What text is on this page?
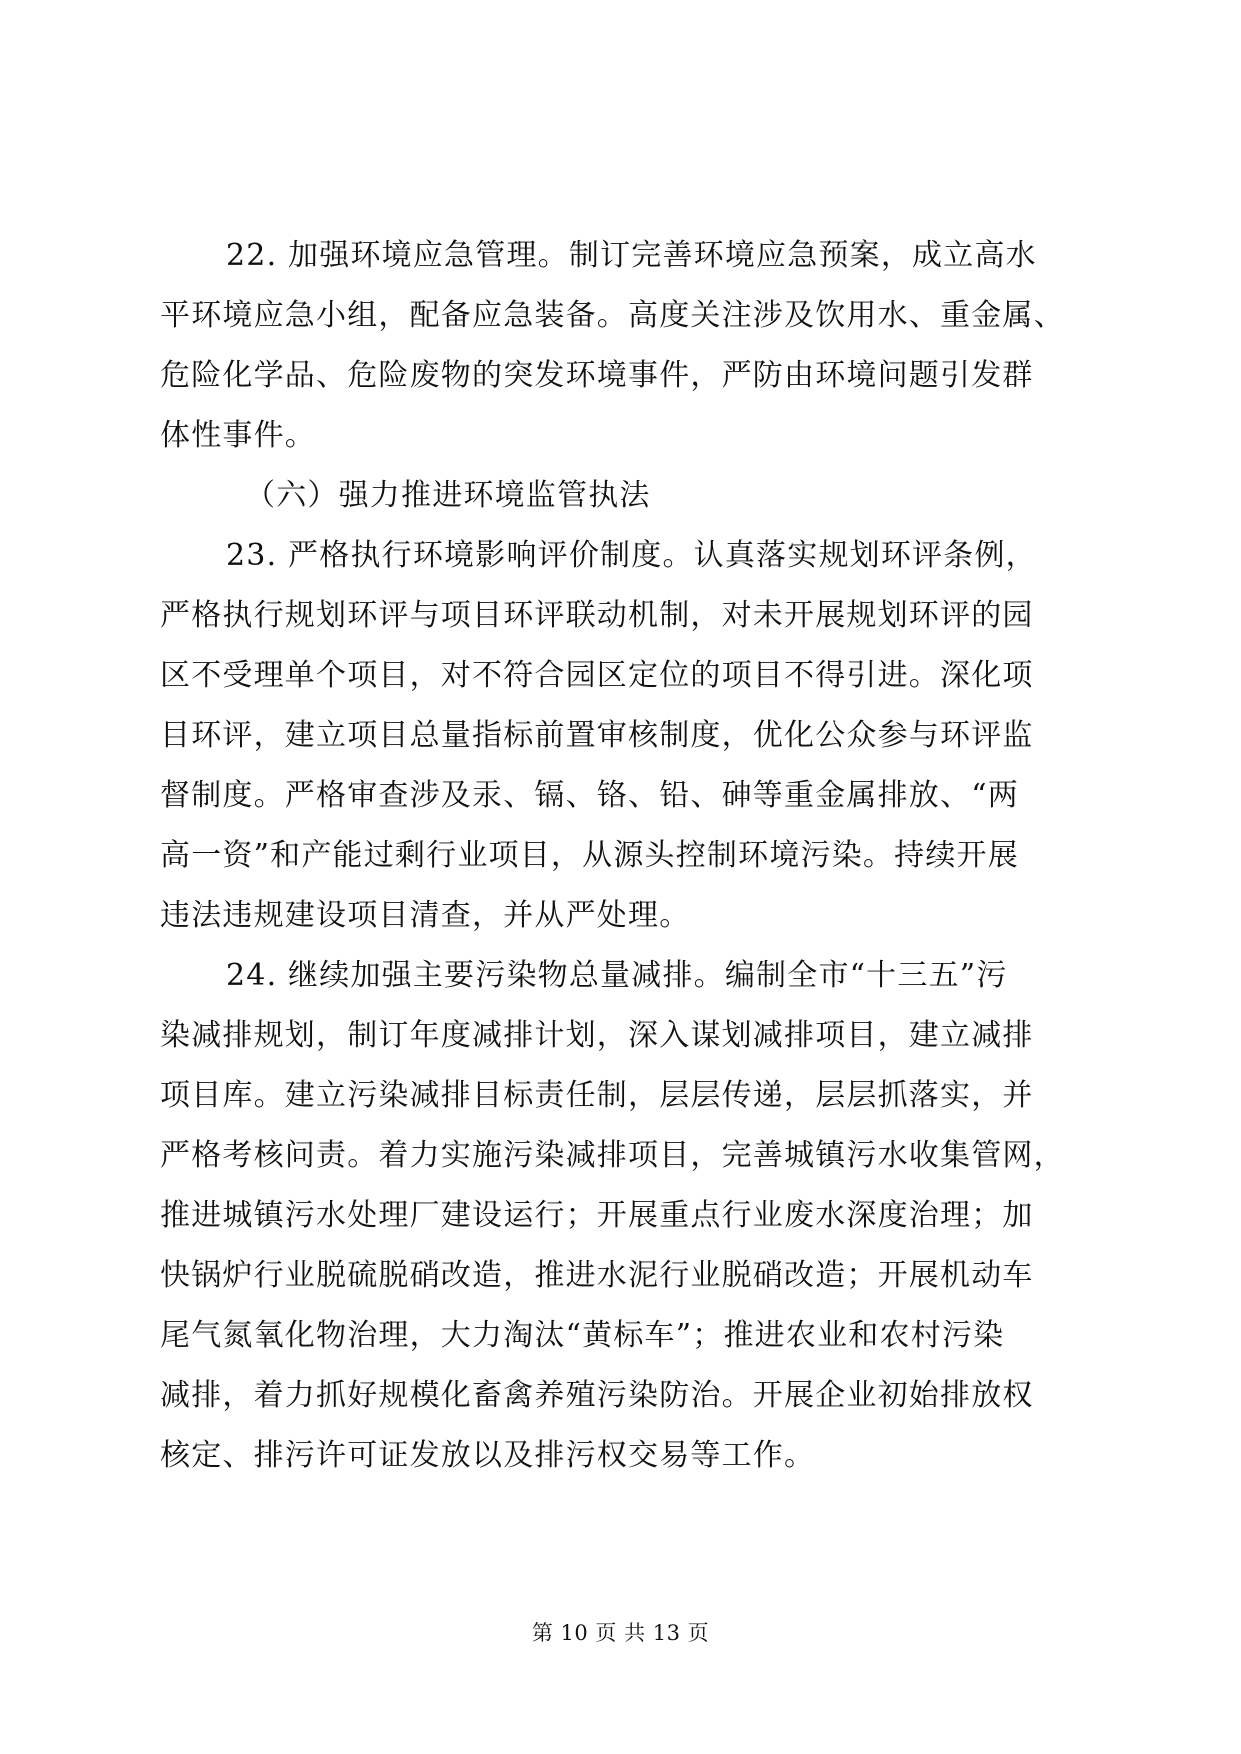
22. 加强环境应急管理。制订完善环境应急预案，成立高水
平环境应急小组，配备应急装备。高度关注涉及饮用水、重金属、
危险化学品、危险废物的突发环境事件，严防由环境问题引发群
体性事件。
（六）强力推进环境监管执法
23. 严格执行环境影响评价制度。认真落实规划环评条例，
严格执行规划环评与项目环评联动机制，对未开展规划环评的园
区不受理单个项目，对不符合园区定位的项目不得引进。深化项
目环评，建立项目总量指标前置审核制度，优化公众参与环评监
督制度。严格审查涉及汞、镉、铬、铅、砷等重金属排放、“两
高一资”和产能过剩行业项目，从源头控制环境污染。持续开展
违法违规建设项目清查，并从严处理。
24. 继续加强主要污染物总量减排。编制全市“十三五”污
染减排规划，制订年度减排计划，深入谋划减排项目，建立减排
项目库。建立污染减排目标责任制，层层传递，层层抓落实，并
严格考核问责。着力实施污染减排项目，完善城镇污水收集管网，
推进城镇污水处理厂建设运行；开展重点行业废水深度治理；加
快锅炉行业脱硫脱硝改造，推进水泥行业脱硝改造；开展机动车
尾气氮氧化物治理，大力淘汰“黄标车”；推进农业和农村污染
减排，着力抓好规模化畜禽养殖污染防治。开展企业初始排放权
核定、排污许可证发放以及排污权交易等工作。
第 10 页 共 13 页
